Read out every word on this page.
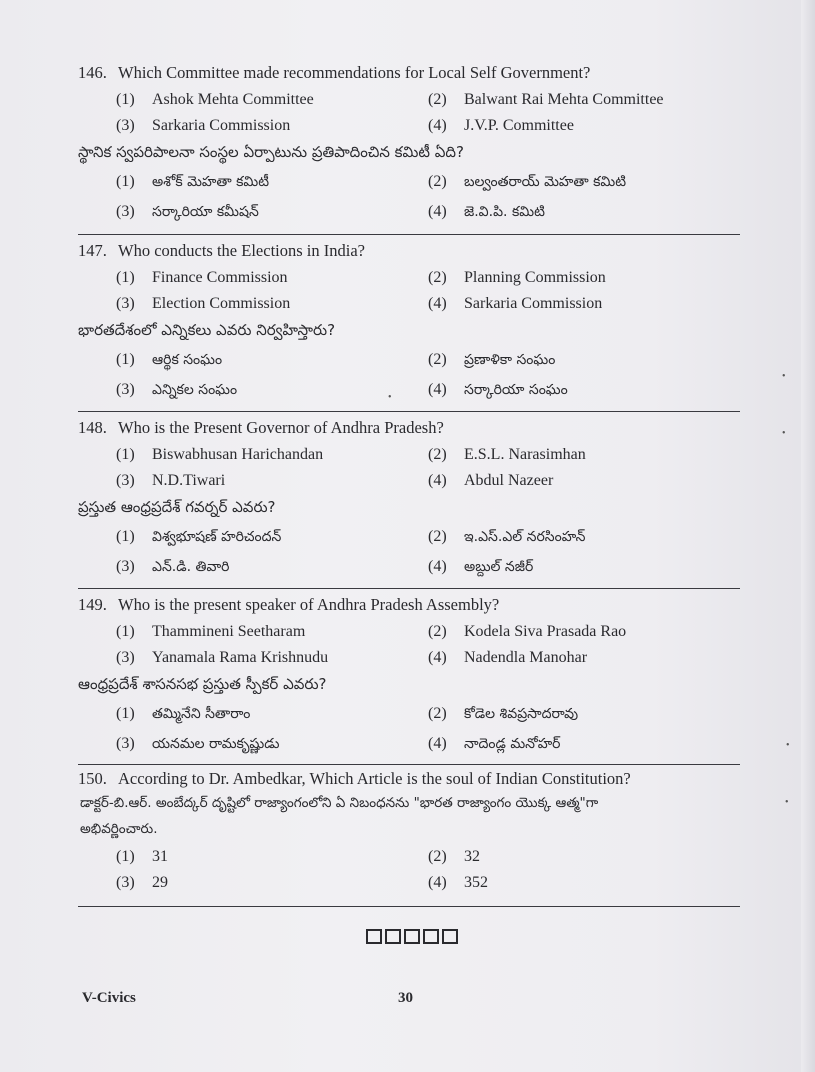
146. Which Committee made recommendations for Local Self Government?
(1) Ashok Mehta Committee	(2) Balwant Rai Mehta Committee
(3) Sarkaria Commission	(4) J.V.P. Committee
స్థానిక స్వపరిపాలనా సంస్థల ఏర్పాటును ప్రతిపాదించిన కమిటీ ఏది?
(1) అశోక్ మెహతా కమిటీ	(2) బల్వంతరాయ్ మెహతా కమిటి
(3) సర్కారియా కమీషన్	(4) జె.వి.పి. కమిటి
147. Who conducts the Elections in India?
(1) Finance Commission	(2) Planning Commission
(3) Election Commission	(4) Sarkaria Commission
భారతదేశంలో ఎన్నికలు ఎవరు నిర్వహిస్తారు?
(1) ఆర్థిక సంఘం	(2) ప్రణాళికా సంఘం
(3) ఎన్నికల సంఘం	(4) సర్కారియా సంఘం
148. Who is the Present Governor of Andhra Pradesh?
(1) Biswabhusan Harichandan	(2) E.S.L. Narasimhan
(3) N.D.Tiwari	(4) Abdul Nazeer
ప్రస్తుత ఆంధ్రప్రదేశ్ గవర్నర్ ఎవరు?
(1) విశ్వభూషణ్ హరిచందన్	(2) ఇ.ఎస్.ఎల్ నరసింహన్
(3) ఎన్.డి. తివారి	(4) అబ్దుల్ నజీర్
149. Who is the present speaker of Andhra Pradesh Assembly?
(1) Thammineni Seetharam	(2) Kodela Siva Prasada Rao
(3) Yanamala Rama Krishnudu	(4) Nadendla Manohar
ఆంధ్రప్రదేశ్ శాసనసభ ప్రస్తుత స్పీకర్ ఎవరు?
(1) తమ్మినేని సీతారాం	(2) కోడెల శివప్రసాదరావు
(3) యనమల రామకృష్ణుడు	(4) నాదెండ్ల మనోహర్
150. According to Dr. Ambedkar, Which Article is the soul of Indian Constitution?
డాక్టర్-బి.ఆర్. అంబేద్కర్ దృష్టిలో రాజ్యాంగంలోని ఏ నిబంధనను "భారత రాజ్యాంగం యొక్క ఆత్మ"గా
అభివర్ణించారు.
(1) 31	(2) 32
(3) 29	(4) 352
V-Civics	30
•
•
•
•
•
